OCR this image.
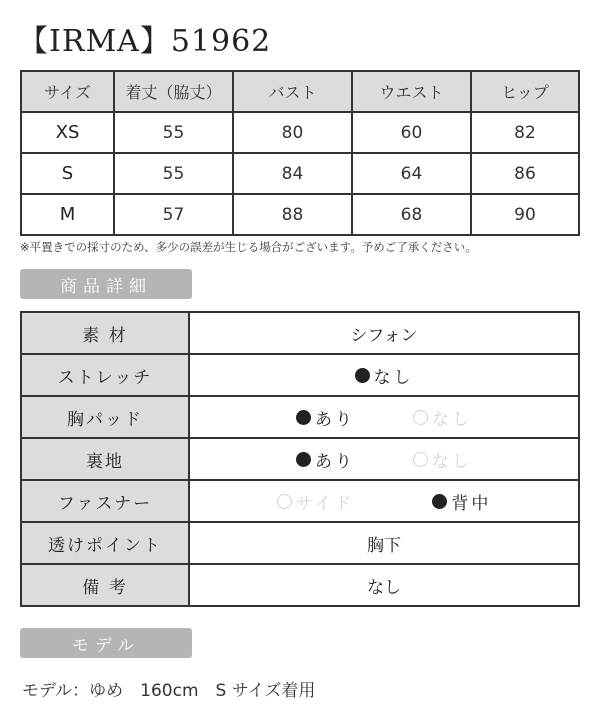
【IRMA】51962
サイズ	着丈（脇丈）	バスト	ウエスト	ヒップ
XS	55	80	60	82
S	55	84	64	86
M	57	88	68	90
※平置きでの採寸のため、多少の誤差が生じる場合がございます。予めご了承ください。
商品詳細
素 材	シフォン
ストレッチ	なし

胸パッド	あり なし

裏地	あり なし

ファスナー	サイド 背中

透けポイント	胸下
備 考	なし
モデル
モデル：ゆめ　160cm　S サイズ着用
